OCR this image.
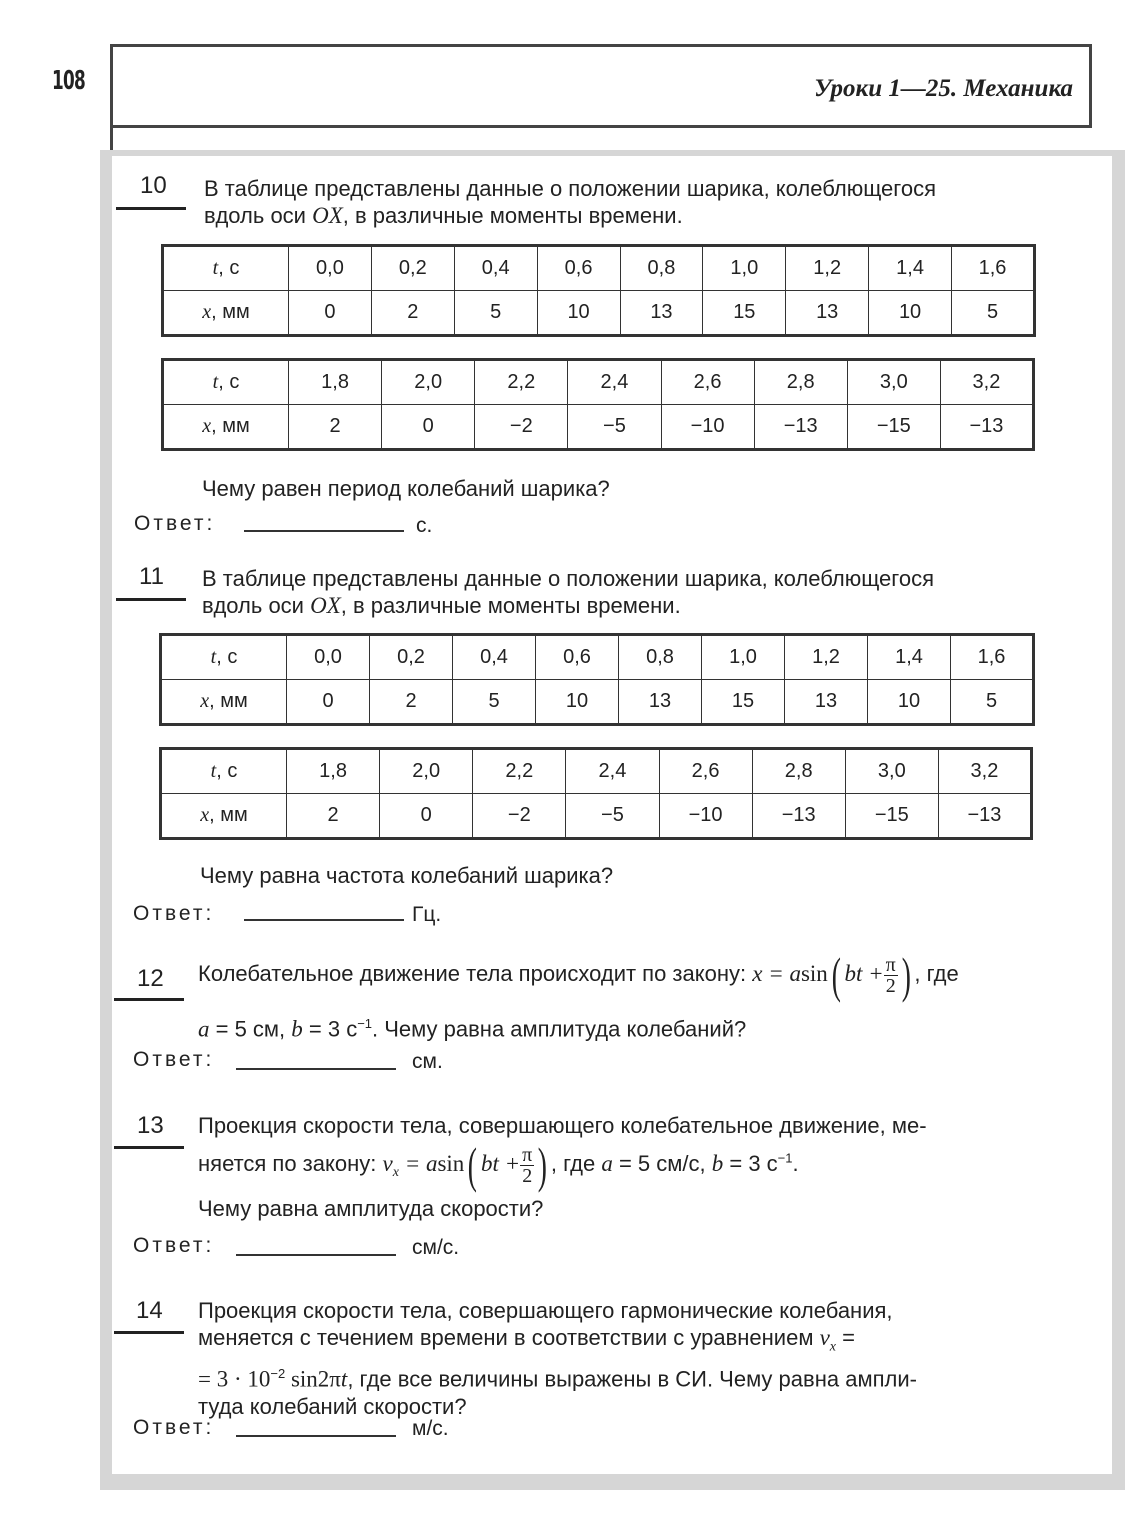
108	Уроки 1—25. Механика
10 В таблице представлены данные о положении шарика, колеблющегося
вдоль оси OX, в различные моменты времени.
t, с	0,0	0,2	0,4	0,6	0,8	1,0	1,2	1,4	1,6
x, мм	0	2	5	10	13	15	13	10	5
t, с	1,8	2,0	2,2	2,4	2,6	2,8	3,0	3,2
x, мм	2	0	−2	−5	−10	−13	−15	−13
Чему равен период колебаний шарика?
Ответ:	с.
11 В таблице представлены данные о положении шарика, колеблющегося
вдоль оси OX, в различные моменты времени.
t, с	0,0	0,2	0,4	0,6	0,8	1,0	1,2	1,4	1,6
x, мм	0	2	5	10	13	15	13	10	5
t, с	1,8	2,0	2,2	2,4	2,6	2,8	3,0	3,2
x, мм	2	0	−2	−5	−10	−13	−15	−13
Чему равна частота колебаний шарика?
Ответ:	Гц.
12 Колебательное движение тела происходит по закону: x = asin( bt + $\frac{\pi}{2}$ ) , где
a = 5 см, b = 3 $с^{-1}$. Чему равна амплитуда колебаний?
Ответ:	см.
13 Проекция скорости тела, совершающего колебательное движение, ме-
няется по закону: $v_x = asin$( bt + $\frac{\pi}{2}$ ) , где a = 5 см/с, b = 3 $с^{-1}$.
Чему равна амплитуда скорости?
Ответ:	см/с.
14 Проекция скорости тела, совершающего гармонические колебания,
меняется с течением времени в соответствии с уравнением $v_x$ =
= $3 \cdot 10^{-2}$ sin2πt, где все величины выражены в СИ. Чему равна ампли-
туда колебаний скорости?
Ответ:	м/с.
